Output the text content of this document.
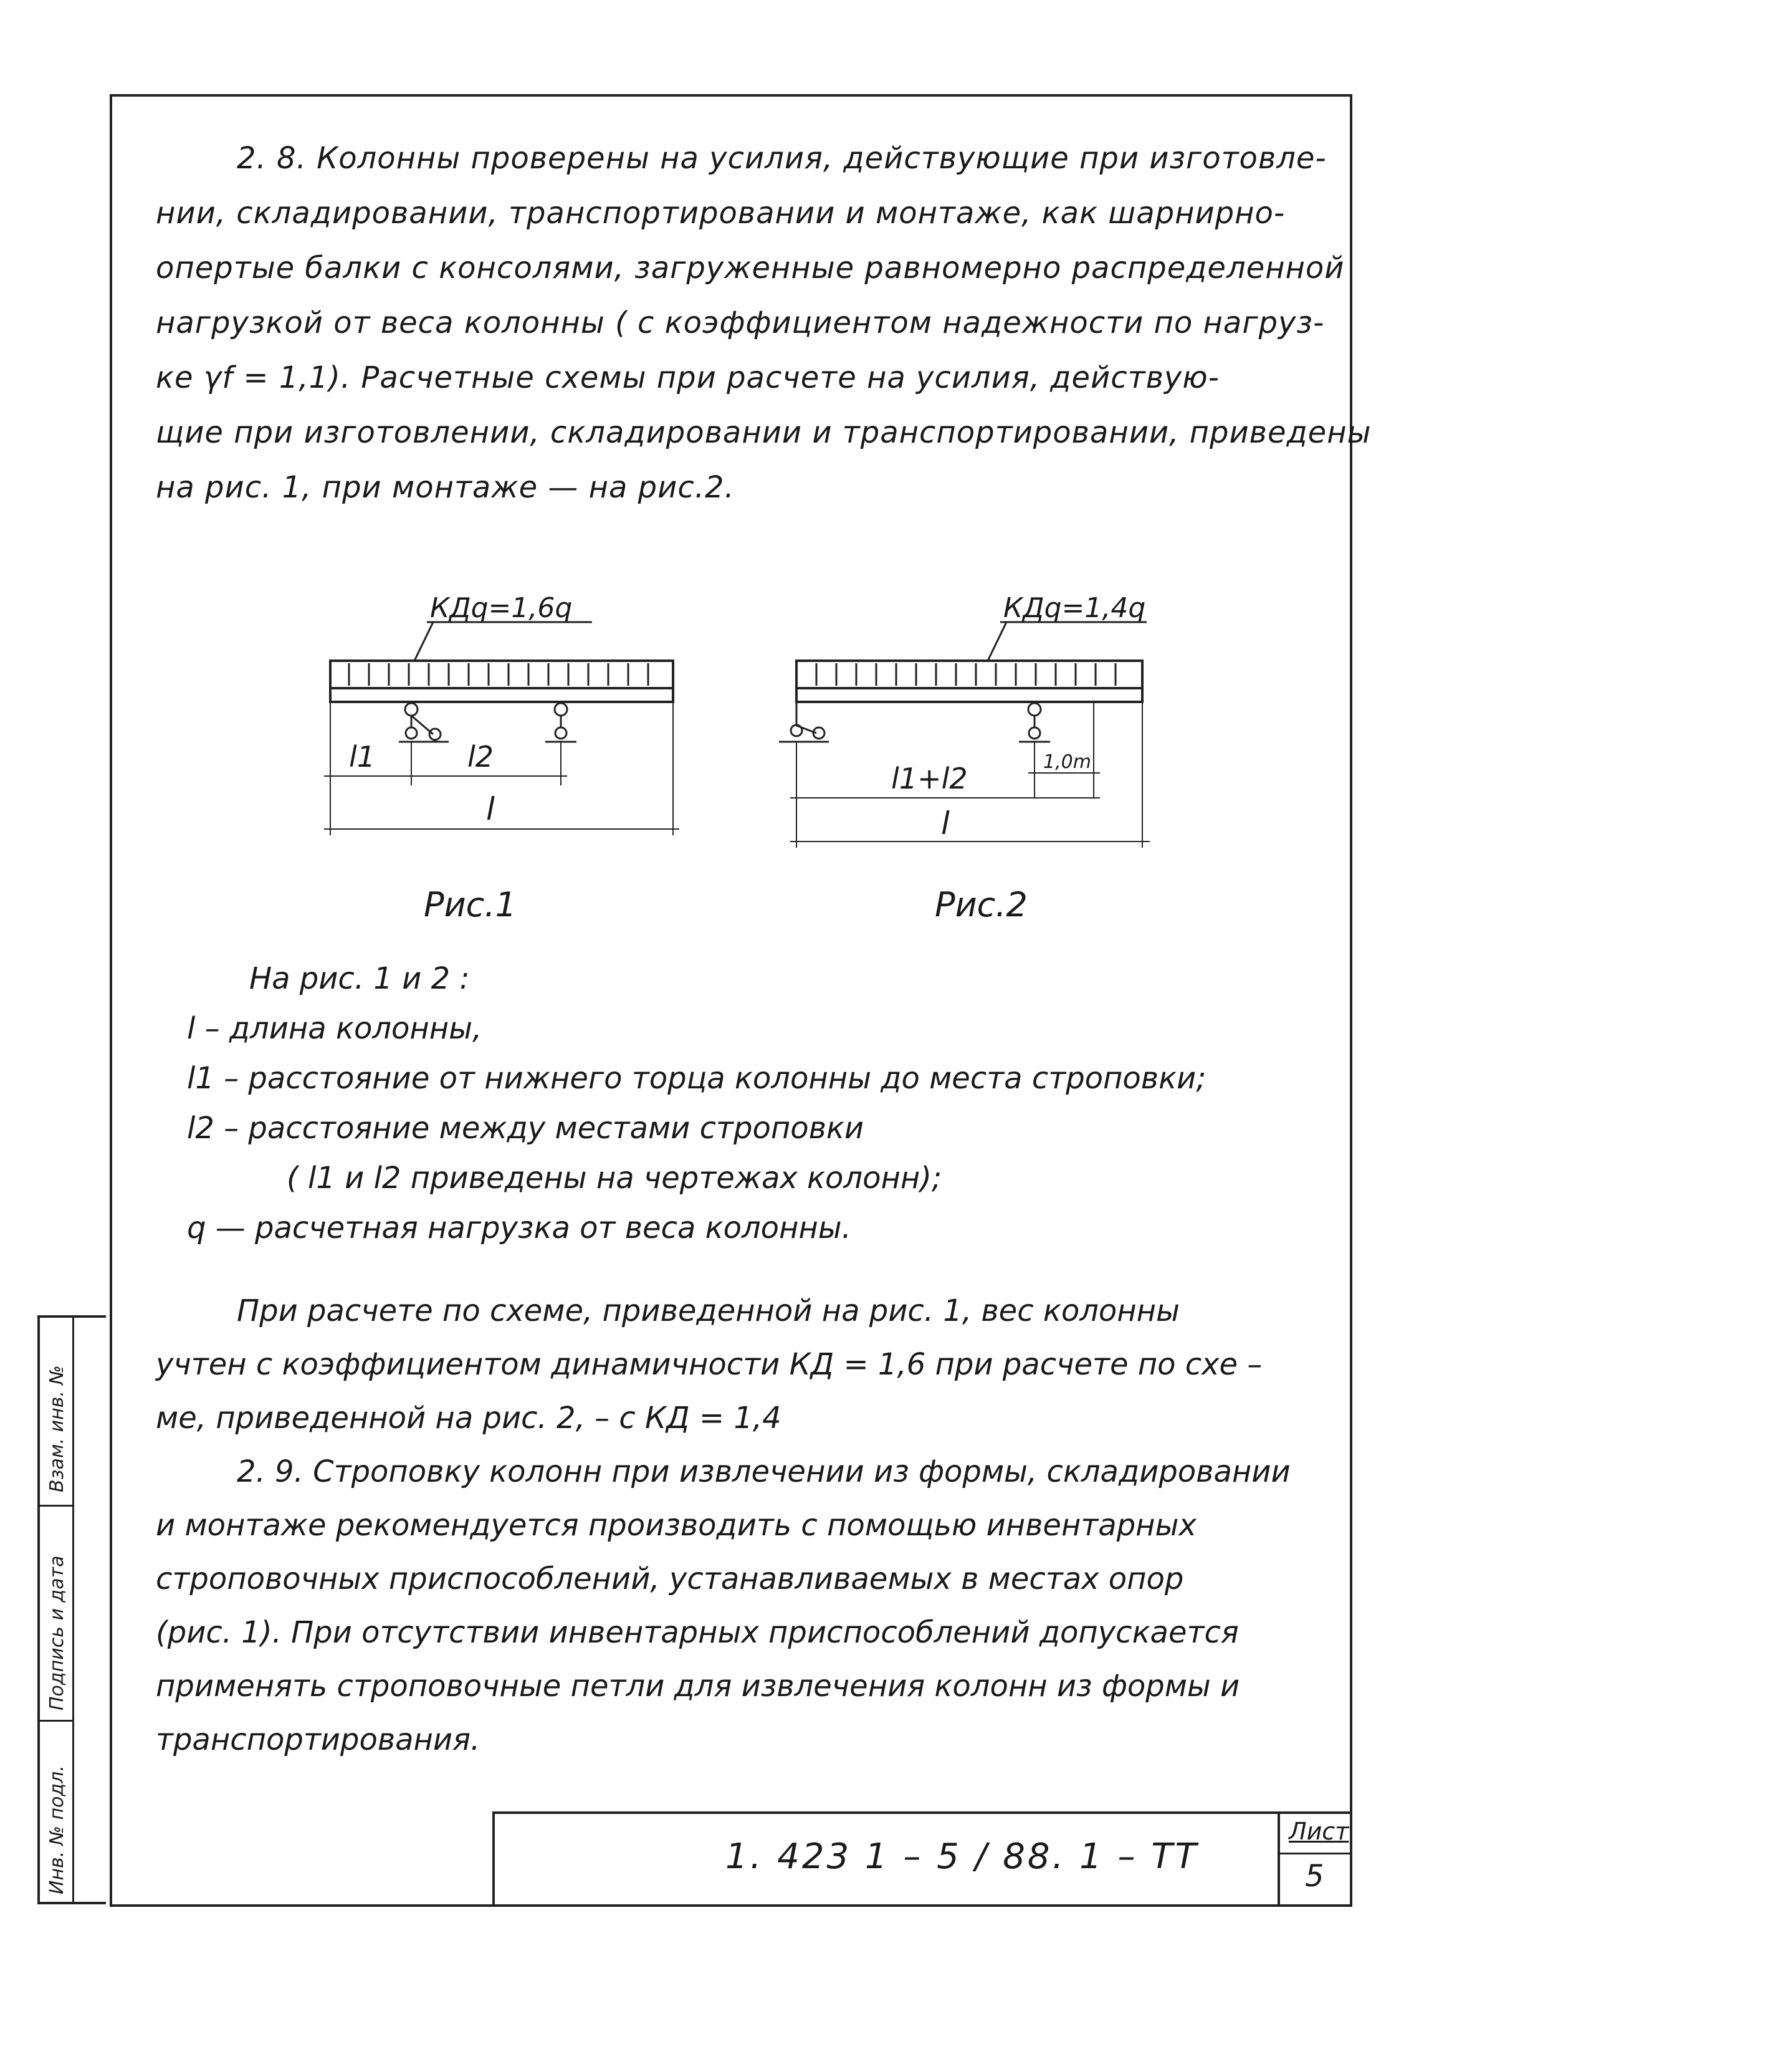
2. 8. Колонны проверены на усилия, действующие при изготовле-
нии, складировании, транспортировании и монтаже, как шарнирно-
опертые балки с консолями, загруженные равномерно распределенной
нагрузкой от веса колонны ( с коэффициентом надежности по нагруз-
ке γf = 1,1). Расчетные схемы при расчете на усилия, действую-
щие при изготовлении, складировании и транспортировании, приведены
на рис. 1, при монтаже — на рис.2.
КДq=1,6q
l1	l2
l
Рис.1
КДq=1,4q
1,0m
l1+l2
l
Рис.2
На рис. 1 и 2 :
l – длина колонны,
l1 – расстояние от нижнего торца колонны до места строповки;
l2 – расстояние между местами строповки
( l1 и l2 приведены на чертежах колонн);
q — расчетная нагрузка от веса колонны.
При расчете по схеме, приведенной на рис. 1, вес колонны
учтен с коэффициентом динамичности КД = 1,6 при расчете по схе –
ме, приведенной на рис. 2, – с КД = 1,4
2. 9. Строповку колонн при извлечении из формы, складировании
и монтаже рекомендуется производить с помощью инвентарных
строповочных приспособлений, устанавливаемых в местах опор
(рис. 1). При отсутствии инвентарных приспособлений допускается
применять строповочные петли для извлечения колонн из формы и
транспортирования.
Взам. инв. №
Подпись и дата
Инв. № подл.	1. 423 1 – 5 / 88. 1 – ТТ
Лист
5
